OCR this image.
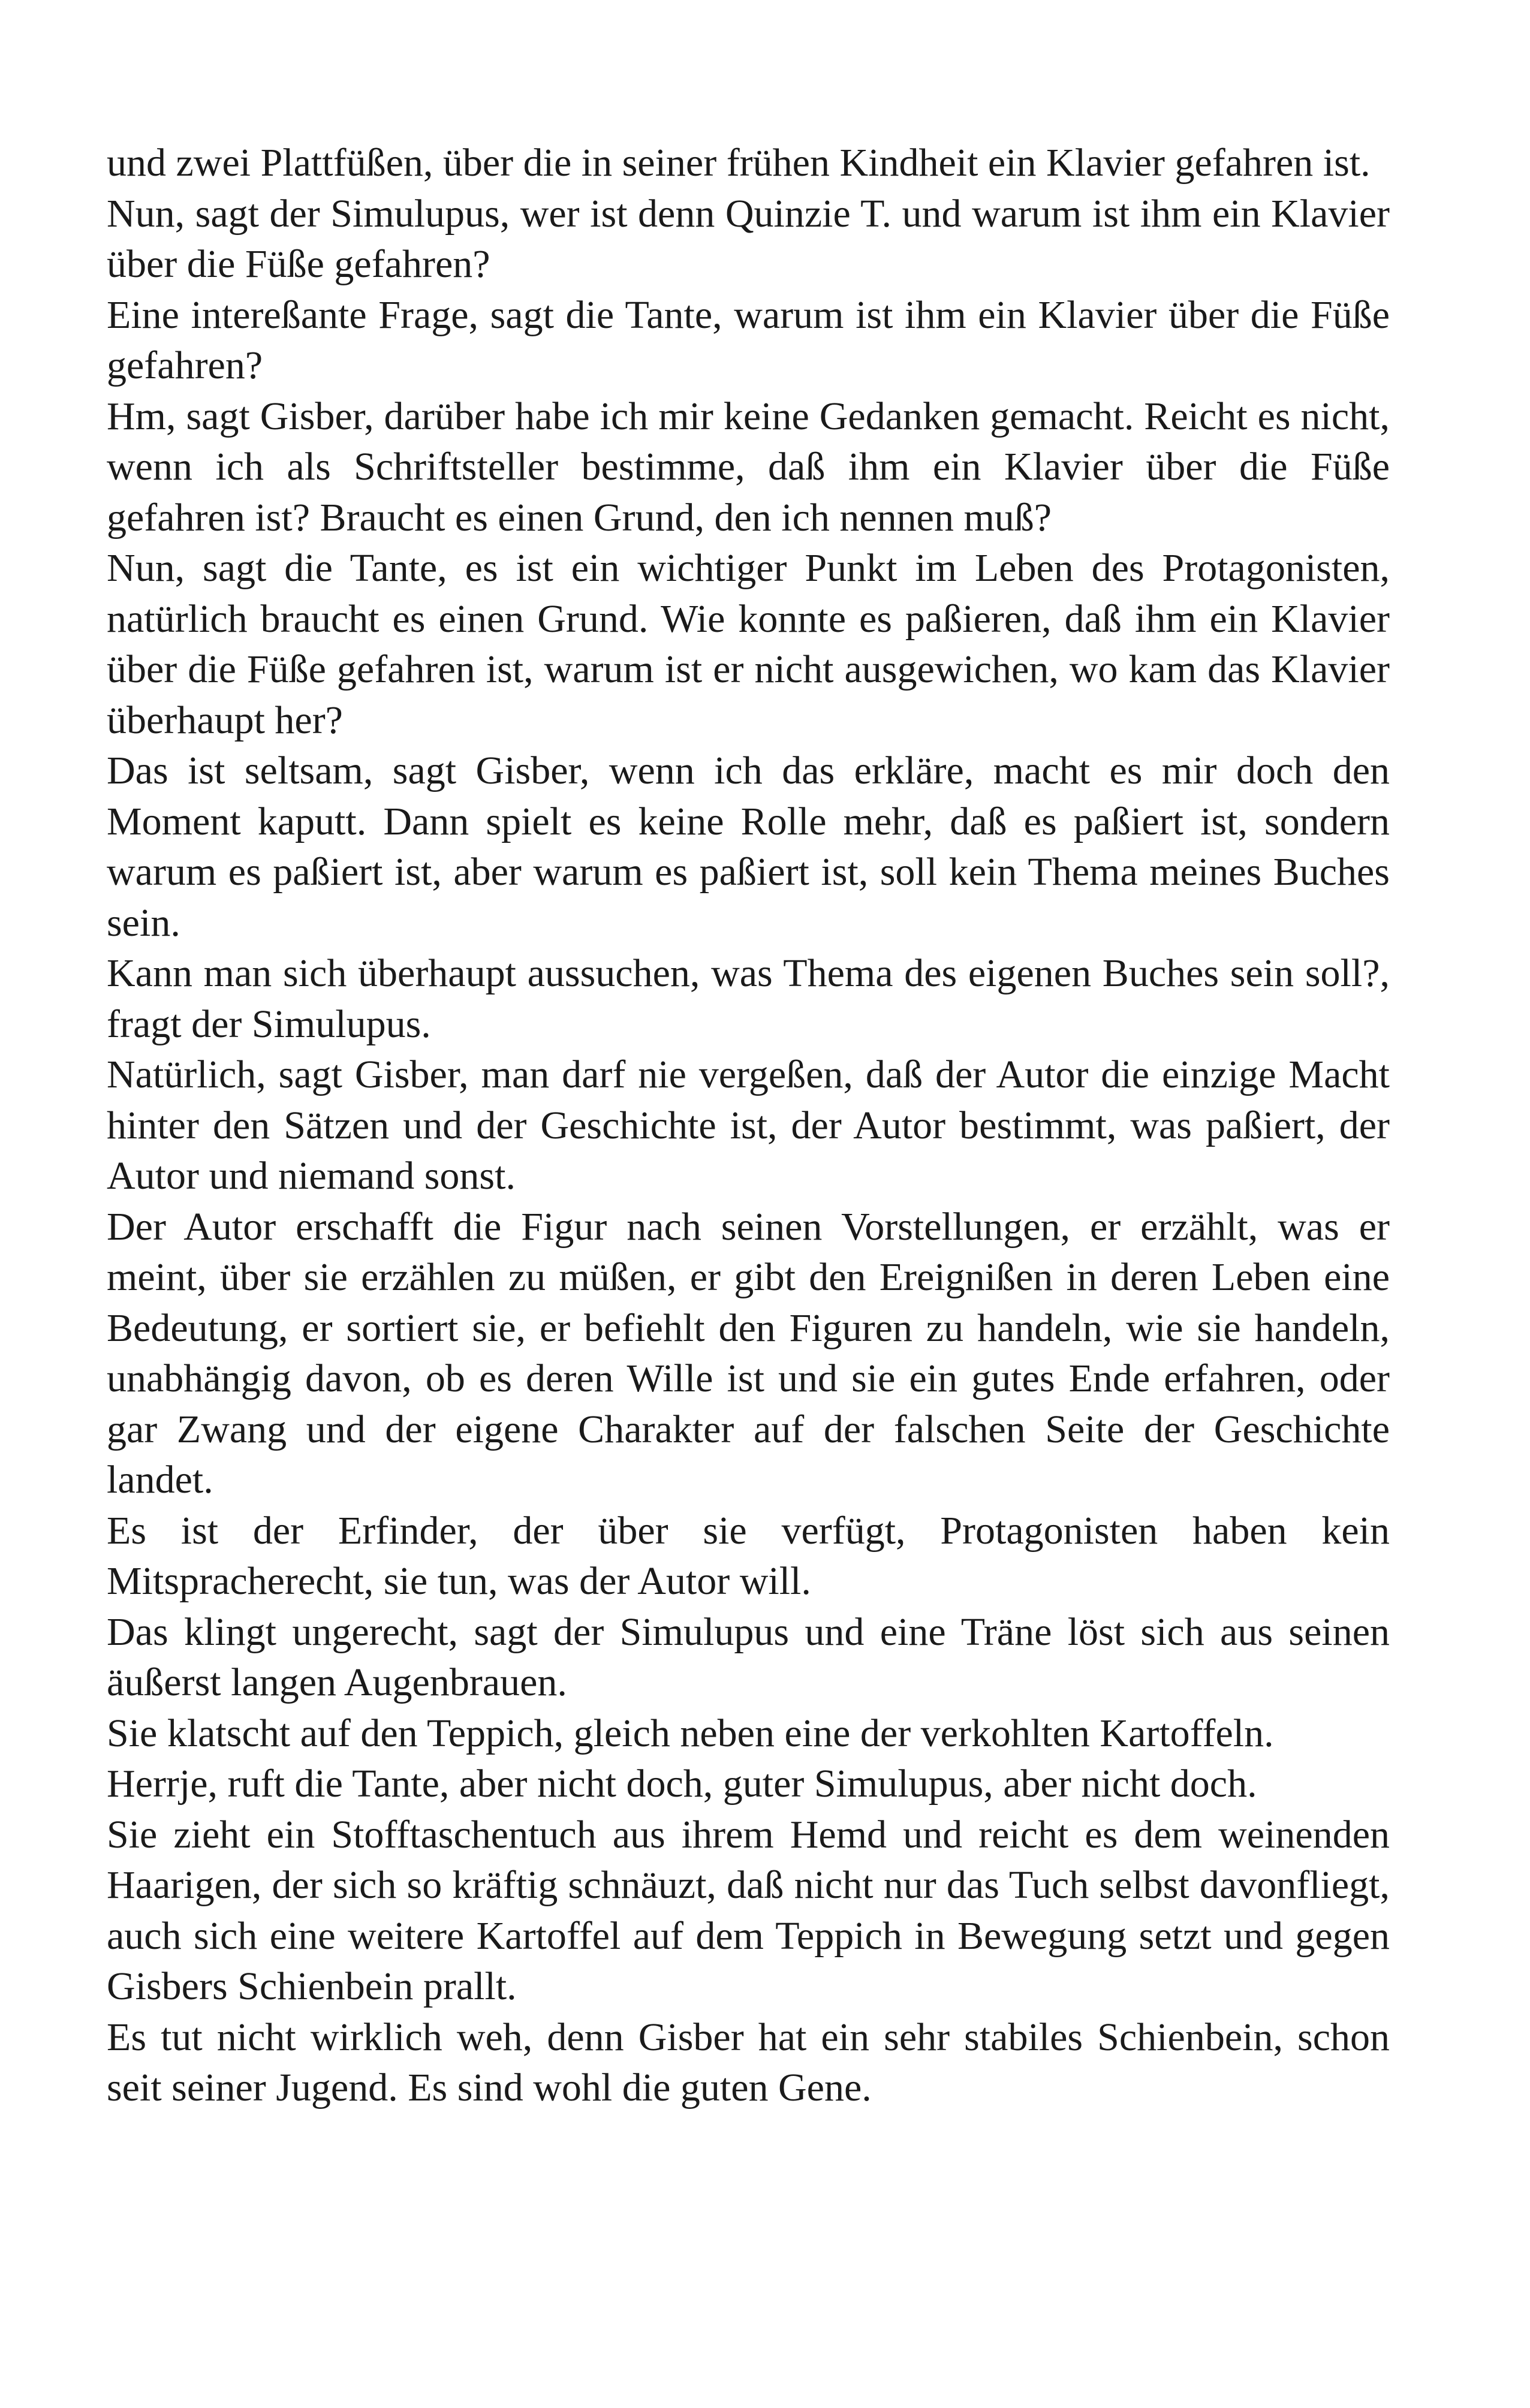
und zwei Plattfüßen, über die in seiner frühen Kindheit ein Klavier gefahren ist.

Nun, sagt der Simulupus, wer ist denn Quinzie T. und warum ist ihm ein Klavier über die Füße gefahren?

Eine intereßante Frage, sagt die Tante, warum ist ihm ein Klavier über die Füße gefahren?

Hm, sagt Gisber, darüber habe ich mir keine Gedanken gemacht. Reicht es nicht, wenn ich als Schriftsteller bestimme, daß ihm ein Klavier über die Füße gefahren ist? Braucht es einen Grund, den ich nennen muß?

Nun, sagt die Tante, es ist ein wichtiger Punkt im Leben des Protagonisten, natürlich braucht es einen Grund. Wie konnte es paßieren, daß ihm ein Klavier über die Füße gefahren ist, warum ist er nicht ausgewichen, wo kam das Klavier überhaupt her?

Das ist seltsam, sagt Gisber, wenn ich das erkläre, macht es mir doch den Moment kaputt. Dann spielt es keine Rolle mehr, daß es paßiert ist, sondern warum es paßiert ist, aber warum es paßiert ist, soll kein Thema meines Buches sein.

Kann man sich überhaupt aussuchen, was Thema des eigenen Buches sein soll?, fragt der Simulupus.

Natürlich, sagt Gisber, man darf nie vergeßen, daß der Autor die einzige Macht hinter den Sätzen und der Geschichte ist, der Autor bestimmt, was paßiert, der Autor und niemand sonst.

Der Autor erschafft die Figur nach seinen Vorstellungen, er erzählt, was er meint, über sie erzählen zu müßen, er gibt den Ereignißen in deren Leben eine Bedeutung, er sortiert sie, er befiehlt den Figuren zu handeln, wie sie handeln, unabhängig davon, ob es deren Wille ist und sie ein gutes Ende erfahren, oder gar Zwang und der eigene Charakter auf der falschen Seite der Geschichte landet.

Es ist der Erfinder, der über sie verfügt, Protagonisten haben kein Mitspracherecht, sie tun, was der Autor will.

Das klingt ungerecht, sagt der Simulupus und eine Träne löst sich aus seinen äußerst langen Augenbrauen.

Sie klatscht auf den Teppich, gleich neben eine der verkohlten Kartoffeln.

Herrje, ruft die Tante, aber nicht doch, guter Simulupus, aber nicht doch.

Sie zieht ein Stofftaschentuch aus ihrem Hemd und reicht es dem weinenden Haarigen, der sich so kräftig schnäuzt, daß nicht nur das Tuch selbst davonfliegt, auch sich eine weitere Kartoffel auf dem Teppich in Bewegung setzt und gegen Gisbers Schienbein prallt.

Es tut nicht wirklich weh, denn Gisber hat ein sehr stabiles Schienbein, schon seit seiner Jugend. Es sind wohl die guten Gene.
